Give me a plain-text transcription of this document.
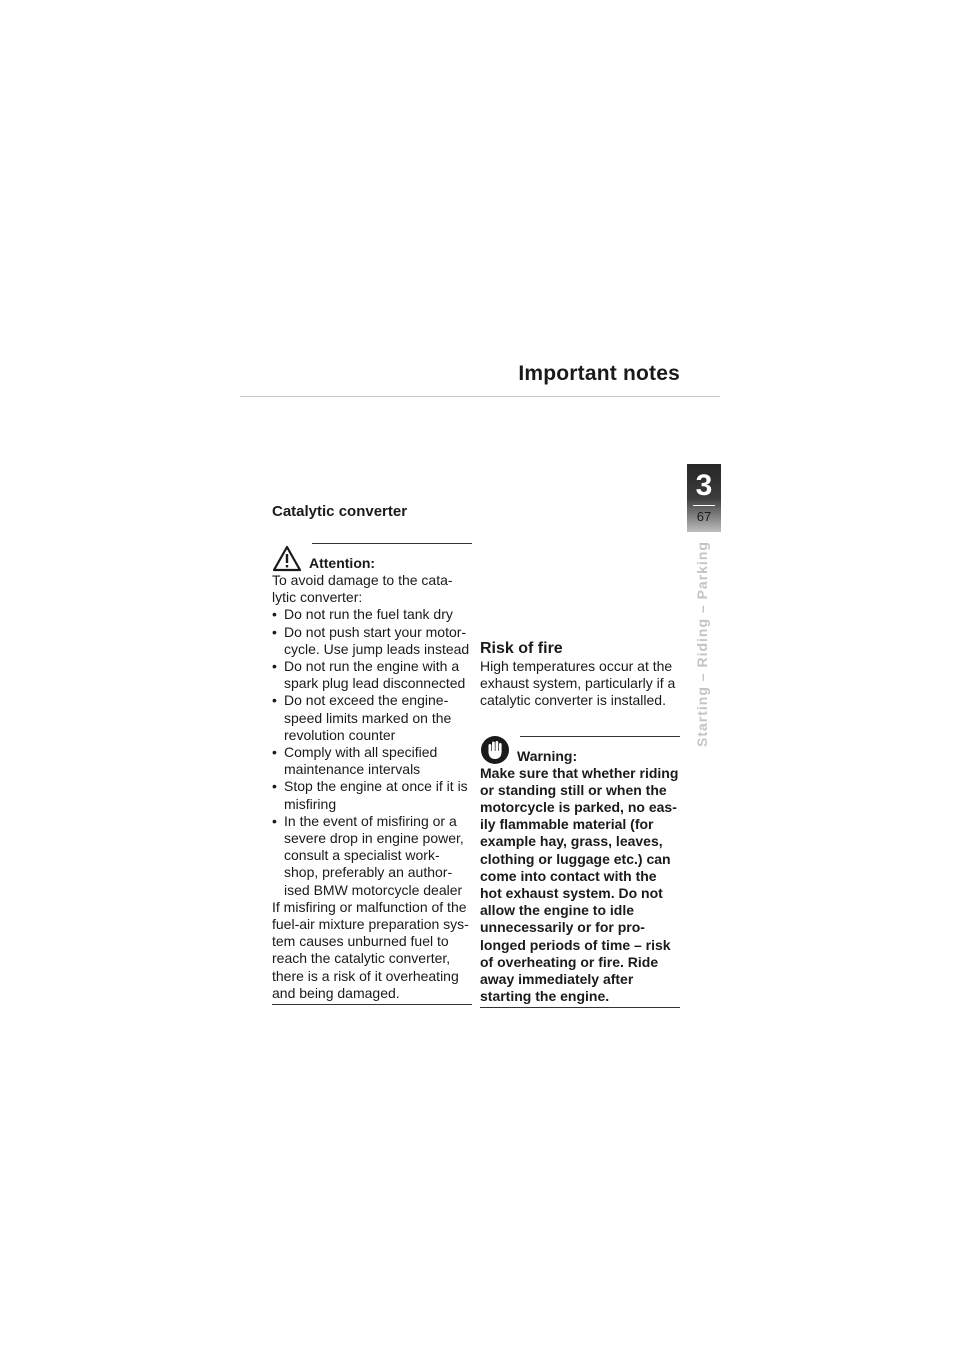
Important notes
3
67
Starting – Riding – Parking
Catalytic converter
Attention:
To avoid damage to the cata-lytic converter:
• Do not run the fuel tank dry
• Do not push start your motor-cycle. Use jump leads instead
• Do not run the engine with a spark plug lead disconnected
• Do not exceed the engine-speed limits marked on the revolution counter
• Comply with all specified maintenance intervals
• Stop the engine at once if it is misfiring
• In the event of misfiring or a severe drop in engine power, consult a specialist work-shop, preferably an author-ised BMW motorcycle dealer
If misfiring or malfunction of the fuel-air mixture preparation sys-tem causes unburned fuel to reach the catalytic converter, there is a risk of it overheating and being damaged.
Risk of fire
High temperatures occur at the exhaust system, particularly if a catalytic converter is installed.
Warning:
Make sure that whether riding or standing still or when the motorcycle is parked, no eas-ily flammable material (for example hay, grass, leaves, clothing or luggage etc.) can come into contact with the hot exhaust system. Do not allow the engine to idle unnecessarily or for pro-longed periods of time – risk of overheating or fire. Ride away immediately after starting the engine.
